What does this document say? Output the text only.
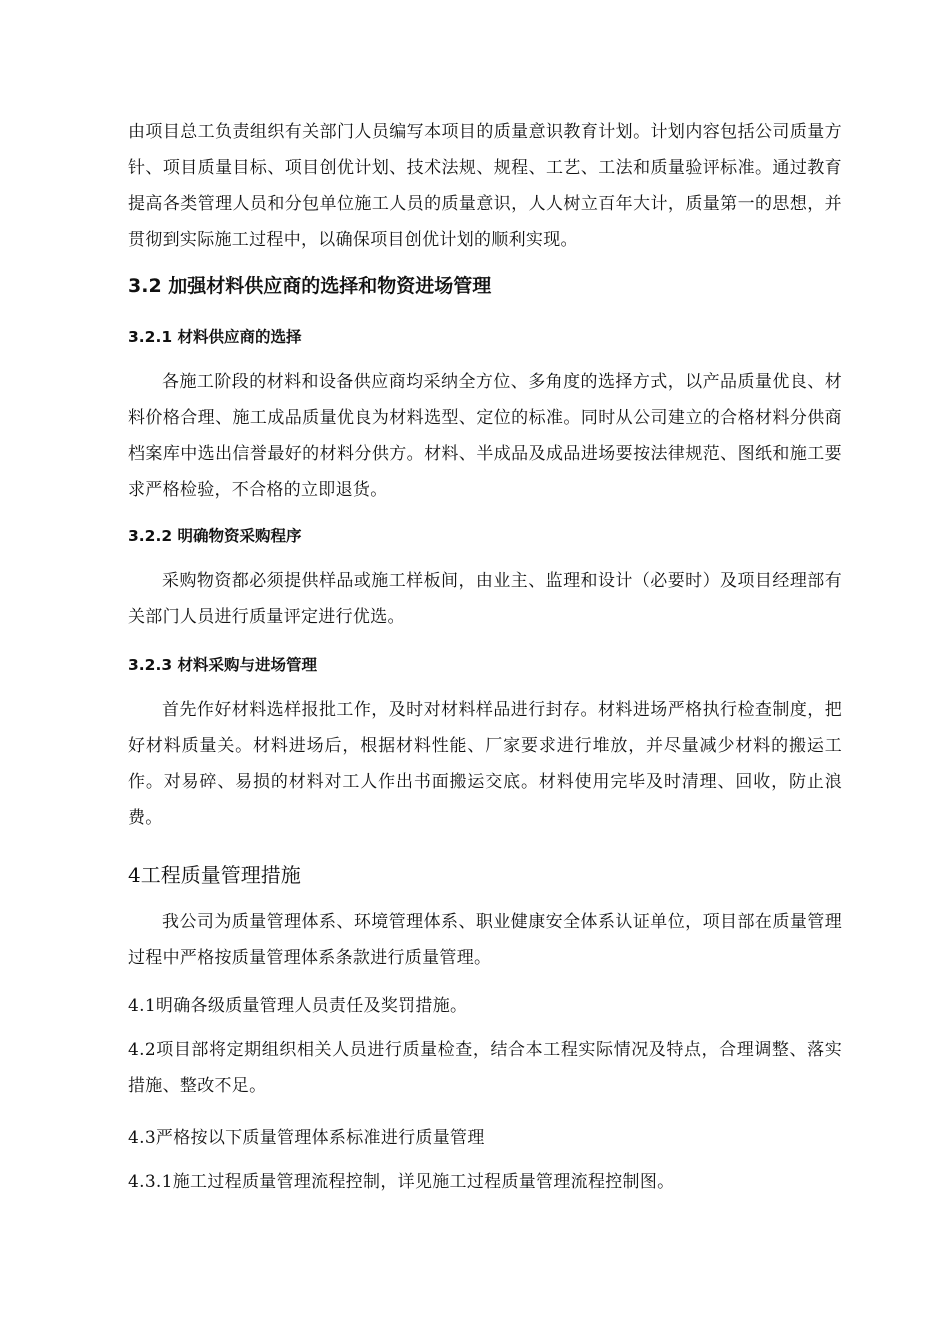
由项目总工负责组织有关部门人员编写本项目的质量意识教育计划。计划内容包括公司质量方针、项目质量目标、项目创优计划、技术法规、规程、工艺、工法和质量验评标准。通过教育提高各类管理人员和分包单位施工人员的质量意识，人人树立百年大计，质量第一的思想，并贯彻到实际施工过程中，以确保项目创优计划的顺利实现。

3.2 加强材料供应商的选择和物资进场管理
3.2.1 材料供应商的选择

各施工阶段的材料和设备供应商均采纳全方位、多角度的选择方式，以产品质量优良、材料价格合理、施工成品质量优良为材料选型、定位的标准。同时从公司建立的合格材料分供商档案库中选出信誉最好的材料分供方。材料、半成品及成品进场要按法律规范、图纸和施工要求严格检验，不合格的立即退货。

3.2.2 明确物资采购程序

采购物资都必须提供样品或施工样板间，由业主、监理和设计（必要时）及项目经理部有关部门人员进行质量评定进行优选。

3.2.3 材料采购与进场管理

首先作好材料选样报批工作，及时对材料样品进行封存。材料进场严格执行检查制度，把好材料质量关。材料进场后，根据材料性能、厂家要求进行堆放，并尽量减少材料的搬运工作。对易碎、易损的材料对工人作出书面搬运交底。材料使用完毕及时清理、回收，防止浪费。

4工程质量管理措施

我公司为质量管理体系、环境管理体系、职业健康安全体系认证单位，项目部在质量管理过程中严格按质量管理体系条款进行质量管理。

4.1明确各级质量管理人员责任及奖罚措施。

4.2项目部将定期组织相关人员进行质量检查，结合本工程实际情况及特点，合理调整、落实措施、整改不足。

4.3严格按以下质量管理体系标准进行质量管理

4.3.1施工过程质量管理流程控制，详见施工过程质量管理流程控制图。
